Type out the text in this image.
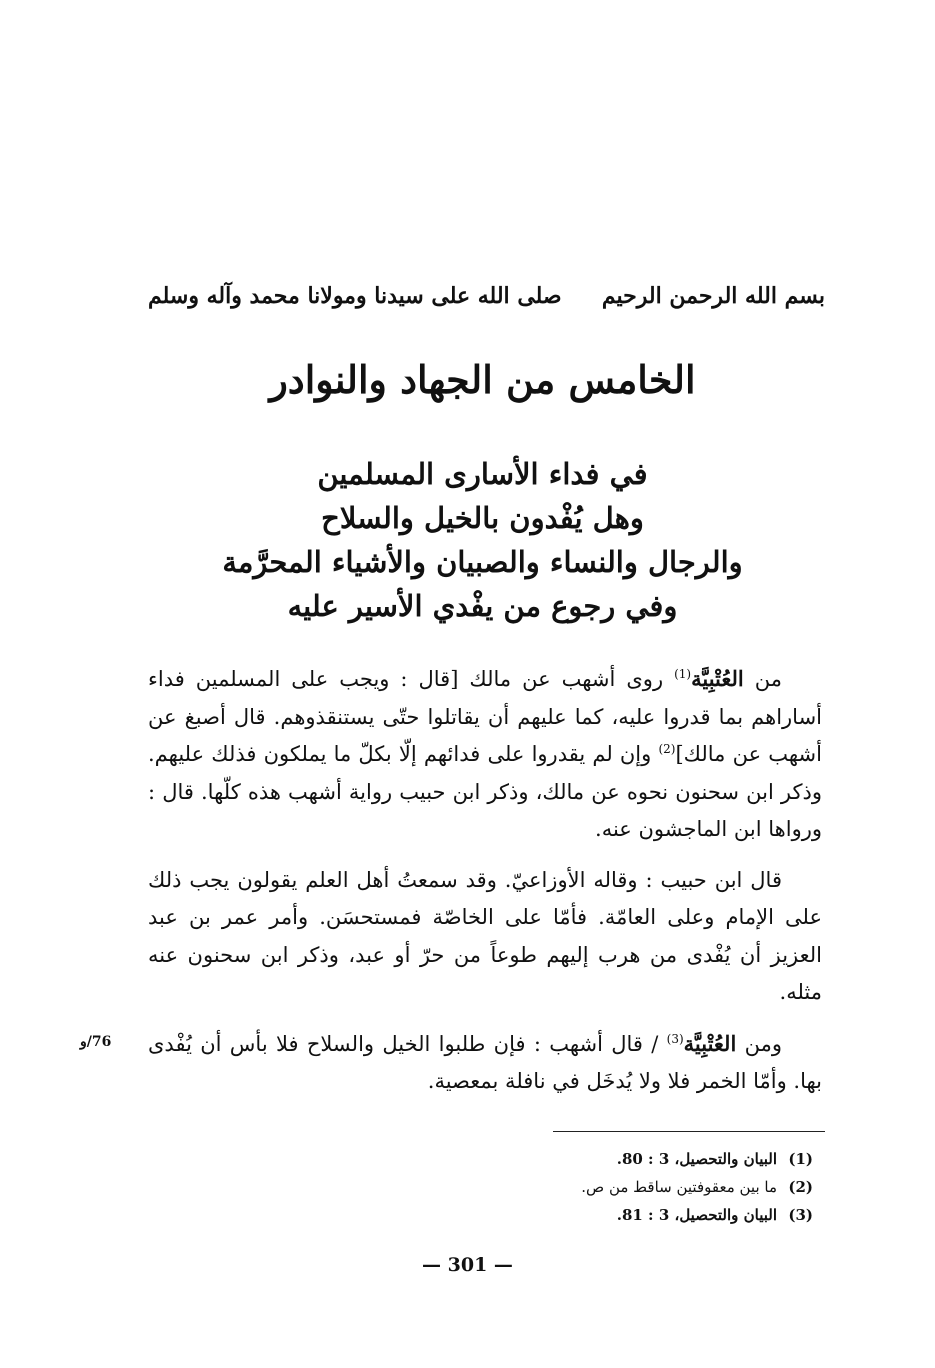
بسم الله الرحمن الرحيم
صلى الله على سيدنا ومولانا محمد وآله وسلم
الخامس من الجهاد والنوادر
في فداء الأسارى المسلمين
وهل يُفْدون بالخيل والسلاح
والرجال والنساء والصبيان والأشياء المحرَّمة
وفي رجوع من يفْدي الأسير عليه

من العُتْبِيَّة$^{(1)}$ روى أشهب عن مالك [قال : ويجب على المسلمين فداء أساراهم بما قدروا عليه، كما عليهم أن يقاتلوا حتّى يستنقذوهم. قال أصبغ عن أشهب عن مالك]$^{(2)}$ وإن لم يقدروا على فدائهم إلّا بكلّ ما يملكون فذلك عليهم. وذكر ابن سحنون نحوه عن مالك، وذكر ابن حبيب رواية أشهب هذه كلّها. قال : ورواها ابن الماجشون عنه.

قال ابن حبيب : وقاله الأوزاعيّ. وقد سمعتُ أهل العلم يقولون يجب ذلك على الإمام وعلى العامّة. فأمّا على الخاصّة فمستحسَن. وأمر عمر بن عبد العزيز أن يُفْدى من هرب إليهم طوعاً من حرّ أو عبد، وذكر ابن سحنون عنه مثله.

ومن العُتْبِيَّة$^{(3)}$ / قال أشهب : فإن طلبوا الخيل والسلاح فلا بأس أن يُفْدى بها. وأمّا الخمر فلا ولا يُدخَل في نافلة بمعصية.

76/و
(1)البيان والتحصيل، 3 : 80.
(2)ما بين معقوفتين ساقط من ص.
(3)البيان والتحصيل، 3 : 81.
— 301 —
